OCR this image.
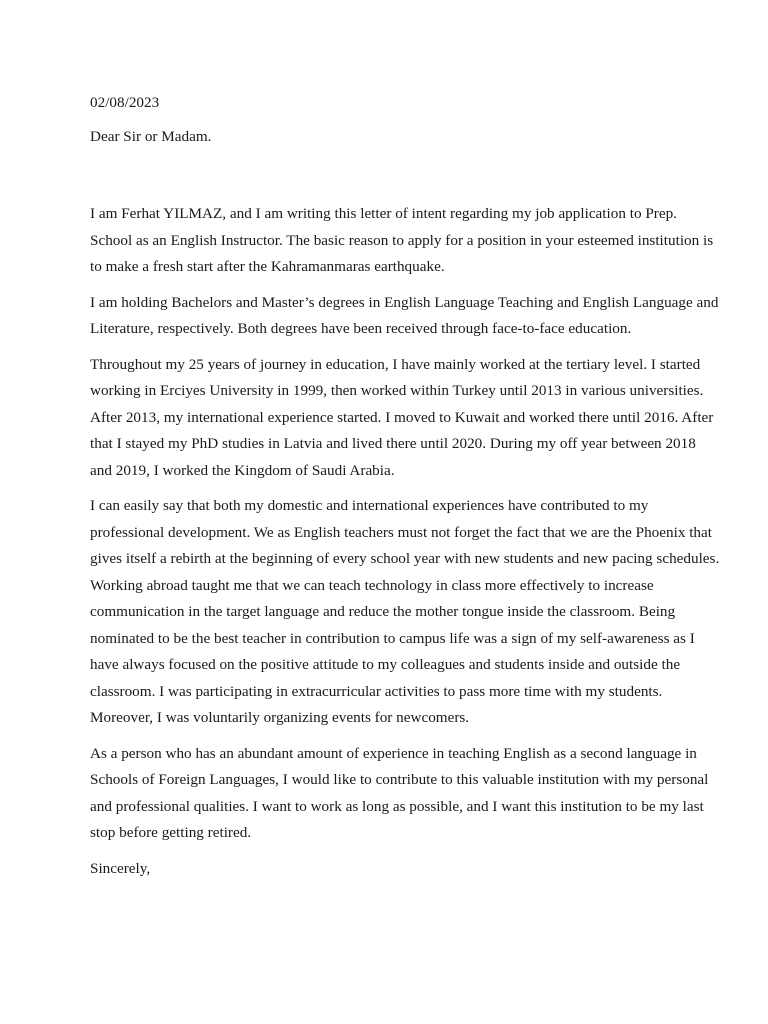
02/08/2023

Dear Sir or Madam.

I am Ferhat YILMAZ, and I am writing this letter of intent regarding my job application to Prep. School as an English Instructor. The basic reason to apply for a position in your esteemed institution is to make a fresh start after the Kahramanmaras earthquake.

I am holding Bachelors and Master’s degrees in English Language Teaching and English Language and Literature, respectively. Both degrees have been received through face-to-face education.

Throughout my 25 years of journey in education, I have mainly worked at the tertiary level. I started working in Erciyes University in 1999, then worked within Turkey until 2013 in various universities. After 2013, my international experience started. I moved to Kuwait and worked there until 2016. After that I stayed my PhD studies in Latvia and lived there until 2020. During my off year between 2018 and 2019, I worked the Kingdom of Saudi Arabia.

I can easily say that both my domestic and international experiences have contributed to my professional development. We as English teachers must not forget the fact that we are the Phoenix that gives itself a rebirth at the beginning of every school year with new students and new pacing schedules. Working abroad taught me that we can teach technology in class more effectively to increase communication in the target language and reduce the mother tongue inside the classroom. Being nominated to be the best teacher in contribution to campus life was a sign of my self-awareness as I have always focused on the positive attitude to my colleagues and students inside and outside the classroom. I was participating in extracurricular activities to pass more time with my students. Moreover, I was voluntarily organizing events for newcomers.

As a person who has an abundant amount of experience in teaching English as a second language in Schools of Foreign Languages, I would like to contribute to this valuable institution with my personal and professional qualities. I want to work as long as possible, and I want this institution to be my last stop before getting retired.

Sincerely,
